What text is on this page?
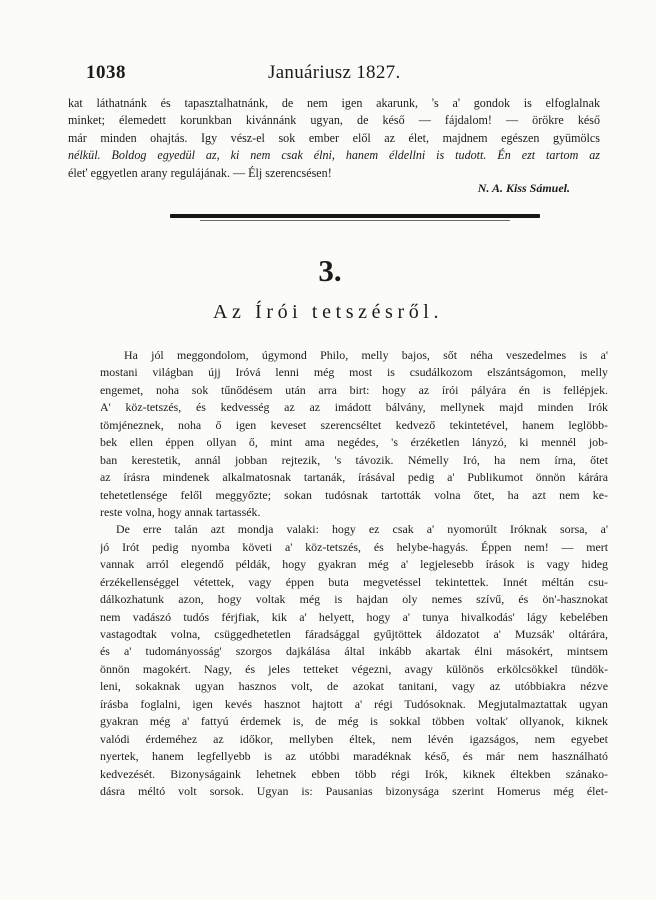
1038	Januáriusz 1827.
kat láthatnánk és tapasztalhatnánk, de nem igen akarunk, 's a' gondok is elfoglalnak
minket; élemedett korunkban kivánnánk ugyan, de késő — fájdalom! — örökre késő
már minden ohajtás. Igy vész-el sok ember elől az élet, majdnem egészen gyümölcs
nélkül. Boldog egyedül az, ki nem csak élni, hanem éldellni is tudott. Én ezt tartom az
élet' eggyetlen arany regulájának. — Élj szerencsésen!
N. A. Kiss Sámuel.
3.
Az Írói tetszésről.
Ha jól meggondolom, úgymond Philo, melly bajos, sőt néha veszedelmes is a'
mostani világban újj Iróvá lenni még most is csudálkozom elszántságomon, melly
engemet, noha sok tűnődésem után arra birt: hogy az írói pályára én is fellépjek.
A' köz-tetszés, és kedvesség az az imádott bálvány, mellynek majd minden Irók
tömjéneznek, noha ő igen keveset szerencséltet kedvező tekintetével, hanem leglöbb-
bek ellen éppen ollyan ő, mint ama negédes, 's érzéketlen lányzó, ki mennél job-
ban kerestetik, annál jobban rejtezik, 's távozik. Némelly Iró, ha nem írna, őtet
az írásra mindenek alkalmatosnak tartanák, írásával pedig a' Publikumot önnön kárára
tehetetlensége felől meggyőzte; sokan tudósnak tartották volna őtet, ha azt nem ke-
reste volna, hogy annak tartassék.
De erre talán azt mondja valaki: hogy ez csak a' nyomorúlt Iróknak sorsa, a'
jó Irót pedig nyomba követi a' köz-tetszés, és helybe-hagyás. Éppen nem! — mert
vannak arról elegendő példák, hogy gyakran még a' legjelesebb írások is vagy hideg
érzékellenséggel vétettek, vagy éppen buta megvetéssel tekintettek. Innét méltán csu-
dálkozhatunk azon, hogy voltak még is hajdan oly nemes szívű, és ön'-hasznokat
nem vadászó tudós férjfiak, kik a' helyett, hogy a' tunya hivalkodás' lágy kebelében
vastagodtak volna, csüggedhetetlen fáradsággal gyűjtöttek áldozatot a' Muzsák' oltárára,
és a' tudományosság' szorgos dajkálása által inkább akartak élni másokért, mintsem
önnön magokért. Nagy, és jeles tetteket végezni, avagy különös erkölcsökkel tündök-
leni, sokaknak ugyan hasznos volt, de azokat tanitani, vagy az utóbbiakra nézve
írásba foglalni, igen kevés hasznot hajtott a' régi Tudósoknak. Megjutalmaztattak ugyan
gyakran még a' fattyú érdemek is, de még is sokkal többen voltak' ollyanok, kiknek
valódi érdeméhez az időkor, mellyben éltek, nem lévén igazságos, nem egyebet
nyertek, hanem legfellyebb is az utóbbi maradéknak késő, és már nem használható
kedvezését. Bizonyságaink lehetnek ebben több régi Irók, kiknek éltekben szánako-
dásra méltó volt sorsok. Ugyan is: Pausanias bizonysága szerint Homerus még élet-
